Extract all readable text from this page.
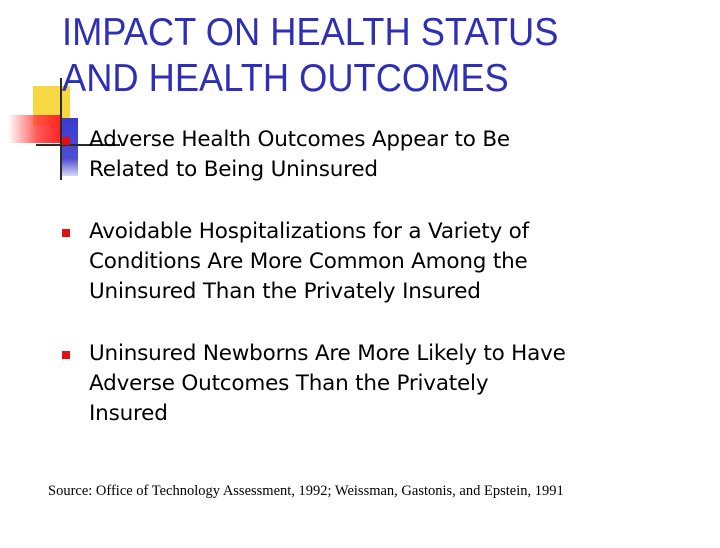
IMPACT ON HEALTH STATUS
AND HEALTH OUTCOMES
Adverse Health Outcomes Appear to Be
Related to Being Uninsured
Avoidable Hospitalizations for a Variety of
Conditions Are More Common Among the
Uninsured Than the Privately Insured
Uninsured Newborns Are More Likely to Have
Adverse Outcomes Than the Privately
Insured

Source: Office of Technology Assessment, 1992; Weissman, Gastonis, and Epstein, 1991
